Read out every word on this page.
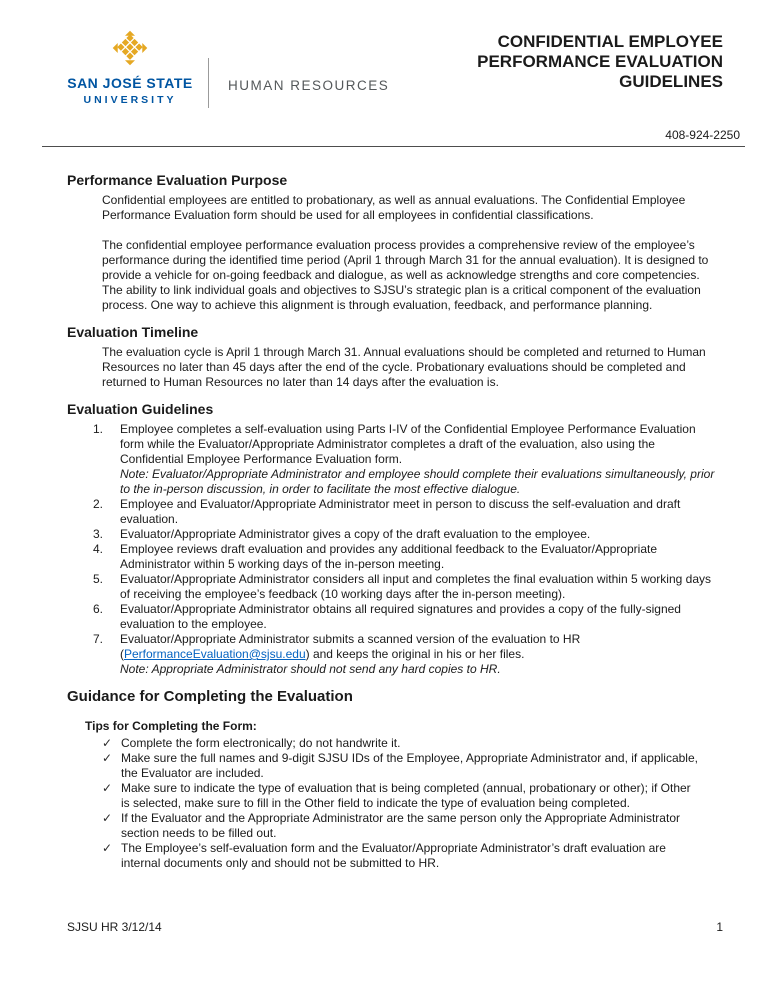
SAN JOSÉ STATE
UNIVERSITY
HUMAN RESOURCES
CONFIDENTIAL EMPLOYEE
PERFORMANCE EVALUATION
GUIDELINES
408-924-2250
Performance Evaluation Purpose

Confidential employees are entitled to probationary, as well as annual evaluations. The Confidential Employee Performance Evaluation form should be used for all employees in confidential classifications.

The confidential employee performance evaluation process provides a comprehensive review of the employee’s performance during the identified time period (April 1 through March 31 for the annual evaluation). It is designed to provide a vehicle for on-going feedback and dialogue, as well as acknowledge strengths and core competencies. The ability to link individual goals and objectives to SJSU’s strategic plan is a critical component of the evaluation process. One way to achieve this alignment is through evaluation, feedback, and performance planning.

Evaluation Timeline

The evaluation cycle is April 1 through March 31. Annual evaluations should be completed and returned to Human Resources no later than 45 days after the end of the cycle. Probationary evaluations should be completed and returned to Human Resources no later than 14 days after the evaluation is.

Evaluation Guidelines
1.	Employee completes a self-evaluation using Parts I-IV of the Confidential Employee Performance Evaluation form while the Evaluator/Appropriate Administrator completes a draft of the evaluation, also using the Confidential Employee Performance Evaluation form.
Note: Evaluator/Appropriate Administrator and employee should complete their evaluations simultaneously, prior to the in-person discussion, in order to facilitate the most effective dialogue.
2.	Employee and Evaluator/Appropriate Administrator meet in person to discuss the self-evaluation and draft evaluation.
3.	Evaluator/Appropriate Administrator gives a copy of the draft evaluation to the employee.
4.	Employee reviews draft evaluation and provides any additional feedback to the Evaluator/Appropriate Administrator within 5 working days of the in-person meeting.
5.	Evaluator/Appropriate Administrator considers all input and completes the final evaluation within 5 working days of receiving the employee’s feedback (10 working days after the in-person meeting).
6.	Evaluator/Appropriate Administrator obtains all required signatures and provides a copy of the fully-signed evaluation to the employee.
7.	Evaluator/Appropriate Administrator submits a scanned version of the evaluation to HR (PerformanceEvaluation@sjsu.edu) and keeps the original in his or her files.
Note: Appropriate Administrator should not send any hard copies to HR.
Guidance for Completing the Evaluation
Tips for Completing the Form:
✓ Complete the form electronically; do not handwrite it.
✓ Make sure the full names and 9-digit SJSU IDs of the Employee, Appropriate Administrator and, if applicable, the Evaluator are included.
✓ Make sure to indicate the type of evaluation that is being completed (annual, probationary or other); if Other is selected, make sure to fill in the Other field to indicate the type of evaluation being completed.
✓ If the Evaluator and the Appropriate Administrator are the same person only the Appropriate Administrator section needs to be filled out.
✓ The Employee’s self-evaluation form and the Evaluator/Appropriate Administrator’s draft evaluation are internal documents only and should not be submitted to HR.
SJSU HR 3/12/14	1
